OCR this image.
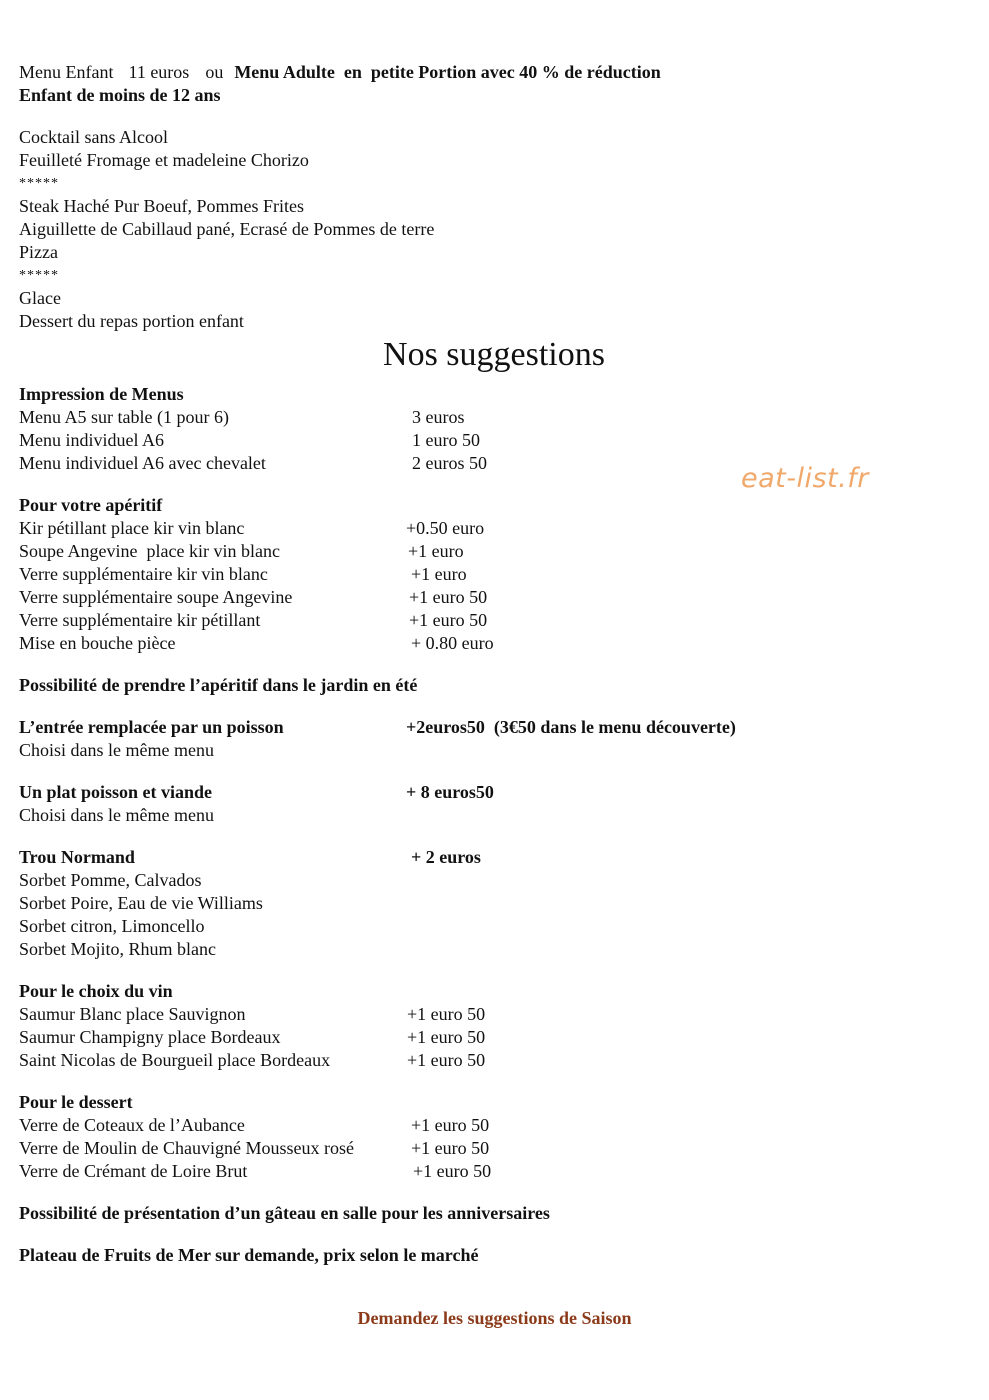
Menu Enfant 11 euros ou Menu Adulte  en  petite Portion avec 40 % de réduction
Enfant de moins de 12 ans
Cocktail sans Alcool
Feuilleté Fromage et madeleine Chorizo
*****
Steak Haché Pur Boeuf, Pommes Frites
Aiguillette de Cabillaud pané, Ecrasé de Pommes de terre
Pizza
*****
Glace
Dessert du repas portion enfant
Nos suggestions
Impression de Menus
Menu A5 sur table (1 pour 6)	3 euros
Menu individuel A6	1 euro 50
Menu individuel A6 avec chevalet	2 euros 50
Pour votre apéritif
Kir pétillant place kir vin blanc	+0.50 euro
Soupe Angevine  place kir vin blanc	+1 euro
Verre supplémentaire kir vin blanc	+1 euro
Verre supplémentaire soupe Angevine	+1 euro 50
Verre supplémentaire kir pétillant	+1 euro 50
Mise en bouche pièce	+ 0.80 euro
Possibilité de prendre l’apéritif dans le jardin en été
L’entrée remplacée par un poisson	+2euros50  (3€50 dans le menu découverte)
Choisi dans le même menu
Un plat poisson et viande	+ 8 euros50
Choisi dans le même menu
Trou Normand	+ 2 euros
Sorbet Pomme, Calvados
Sorbet Poire, Eau de vie Williams
Sorbet citron, Limoncello
Sorbet Mojito, Rhum blanc
Pour le choix du vin
Saumur Blanc place Sauvignon	+1 euro 50
Saumur Champigny place Bordeaux	+1 euro 50
Saint Nicolas de Bourgueil place Bordeaux	+1 euro 50
Pour le dessert
Verre de Coteaux de l’Aubance	+1 euro 50
Verre de Moulin de Chauvigné Mousseux rosé	+1 euro 50
Verre de Crémant de Loire Brut	+1 euro 50
Possibilité de présentation d’un gâteau en salle pour les anniversaires
Plateau de Fruits de Mer sur demande, prix selon le marché
eat-list.fr
Demandez les suggestions de Saison
